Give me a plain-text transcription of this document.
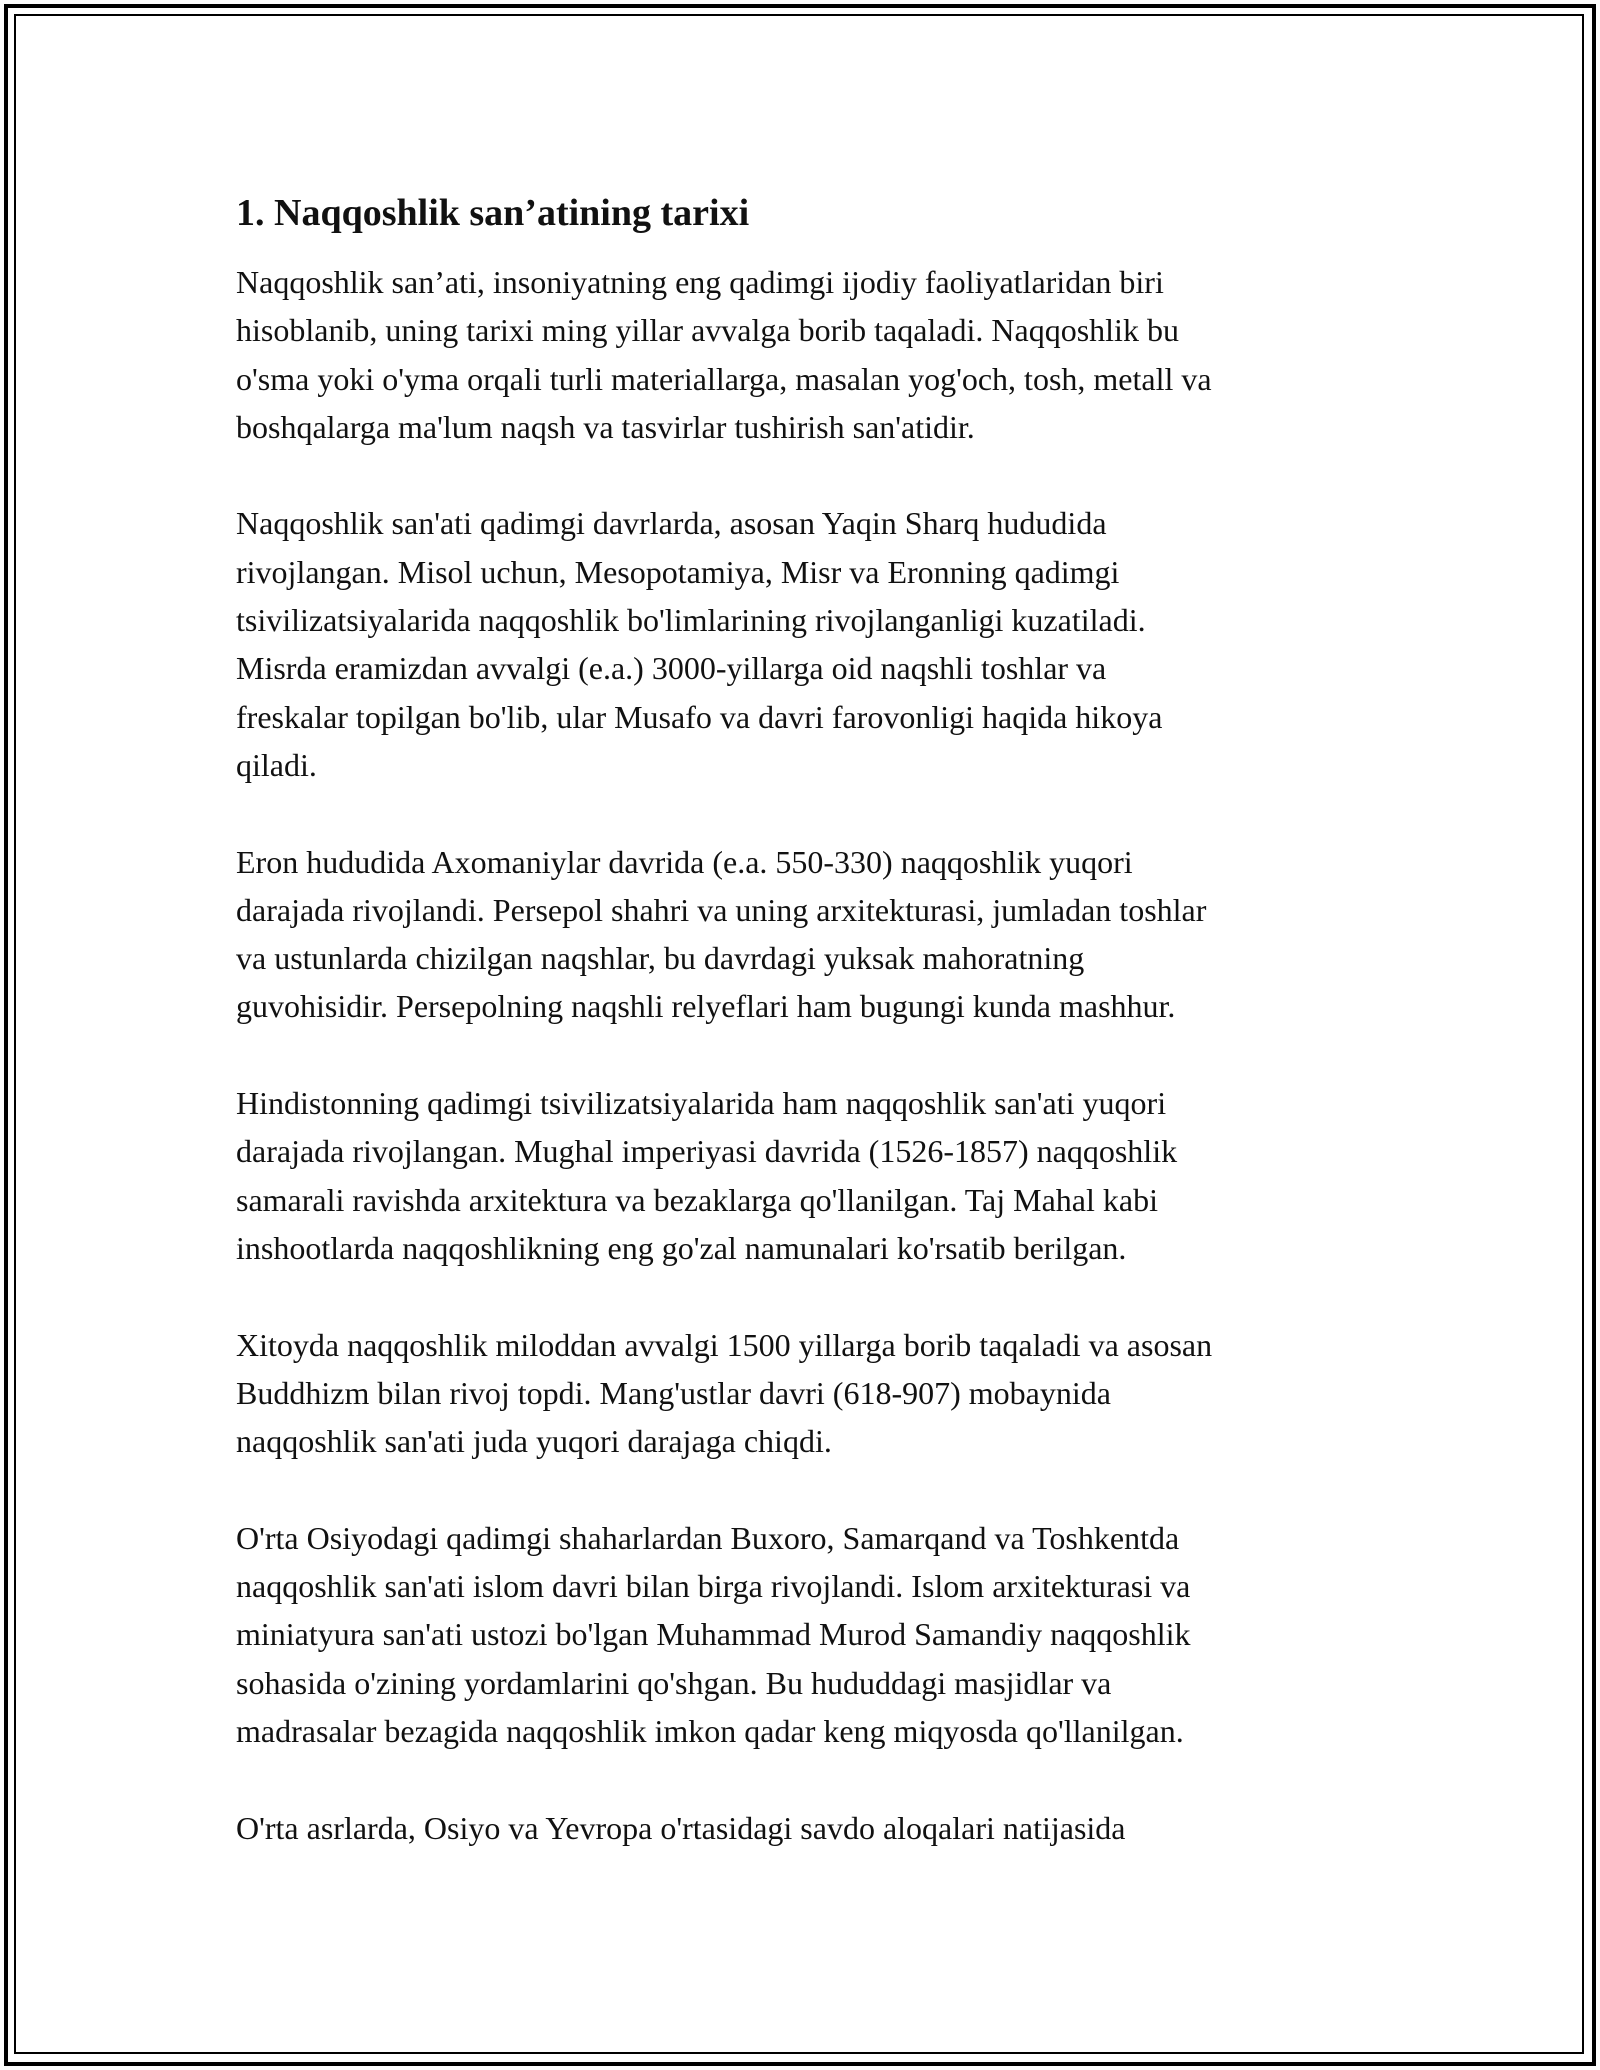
1. Naqqoshlik san’atining tarixi

Naqqoshlik san’ati, insoniyatning eng qadimgi ijodiy faoliyatlaridan biri
hisoblanib, uning tarixi ming yillar avvalga borib taqaladi. Naqqoshlik bu
o'sma yoki o'yma orqali turli materiallarga, masalan yog'och, tosh, metall va
boshqalarga ma'lum naqsh va tasvirlar tushirish san'atidir.

Naqqoshlik san'ati qadimgi davrlarda, asosan Yaqin Sharq hududida
rivojlangan. Misol uchun, Mesopotamiya, Misr va Eronning qadimgi
tsivilizatsiyalarida naqqoshlik bo'limlarining rivojlanganligi kuzatiladi.
Misrda eramizdan avvalgi (e.a.) 3000-yillarga oid naqshli toshlar va
freskalar topilgan bo'lib, ular Musafo va davri farovonligi haqida hikoya
qiladi.

Eron hududida Axomaniylar davrida (e.a. 550-330) naqqoshlik yuqori
darajada rivojlandi. Persepol shahri va uning arxitekturasi, jumladan toshlar
va ustunlarda chizilgan naqshlar, bu davrdagi yuksak mahoratning
guvohisidir. Persepolning naqshli relyeflari ham bugungi kunda mashhur.

Hindistonning qadimgi tsivilizatsiyalarida ham naqqoshlik san'ati yuqori
darajada rivojlangan. Mughal imperiyasi davrida (1526-1857) naqqoshlik
samarali ravishda arxitektura va bezaklarga qo'llanilgan. Taj Mahal kabi
inshootlarda naqqoshlikning eng go'zal namunalari ko'rsatib berilgan.

Xitoyda naqqoshlik miloddan avvalgi 1500 yillarga borib taqaladi va asosan
Buddhizm bilan rivoj topdi. Mang'ustlar davri (618-907) mobaynida
naqqoshlik san'ati juda yuqori darajaga chiqdi.

O'rta Osiyodagi qadimgi shaharlardan Buxoro, Samarqand va Toshkentda
naqqoshlik san'ati islom davri bilan birga rivojlandi. Islom arxitekturasi va
miniatyura san'ati ustozi bo'lgan Muhammad Murod Samandiy naqqoshlik
sohasida o'zining yordamlarini qo'shgan. Bu hududdagi masjidlar va
madrasalar bezagida naqqoshlik imkon qadar keng miqyosda qo'llanilgan.

O'rta asrlarda, Osiyo va Yevropa o'rtasidagi savdo aloqalari natijasida
